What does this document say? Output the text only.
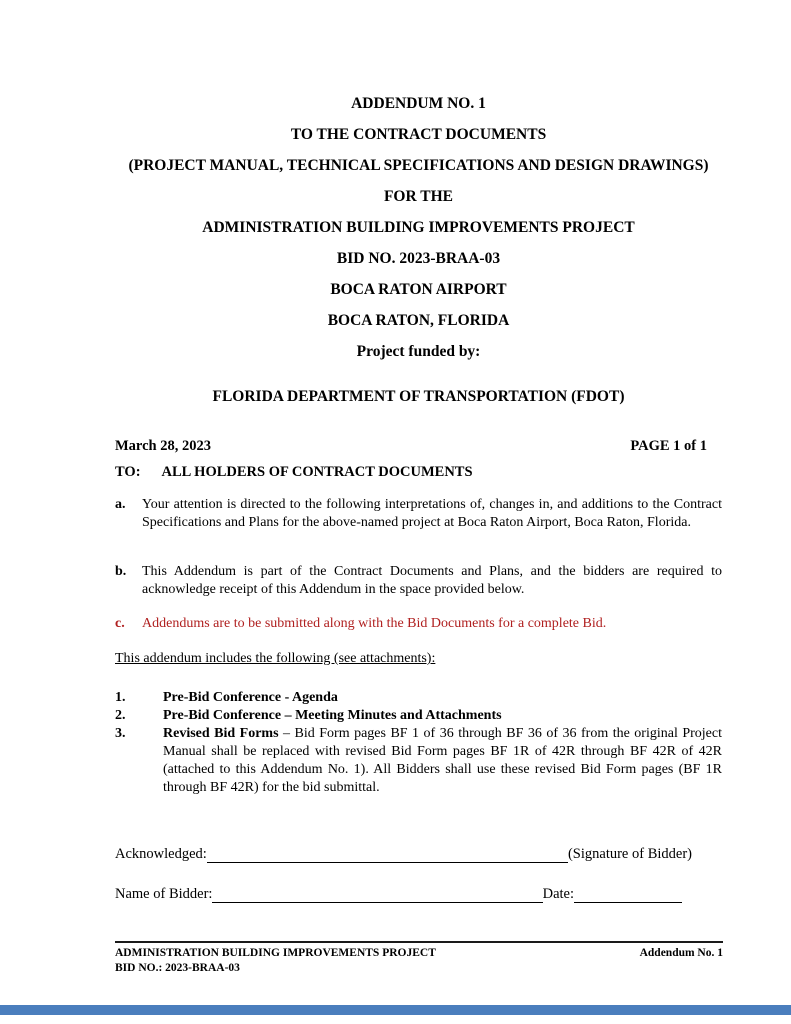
ADDENDUM NO. 1
TO THE CONTRACT DOCUMENTS
(PROJECT MANUAL, TECHNICAL SPECIFICATIONS AND DESIGN DRAWINGS)
FOR THE
ADMINISTRATION BUILDING IMPROVEMENTS PROJECT
BID NO. 2023-BRAA-03
BOCA RATON AIRPORT
BOCA RATON, FLORIDA
Project funded by:
FLORIDA DEPARTMENT OF TRANSPORTATION (FDOT)
March 28, 2023	PAGE 1 of 1
TO: ALL HOLDERS OF CONTRACT DOCUMENTS
a.	Your attention is directed to the following interpretations of, changes in, and additions to the Contract Specifications and Plans for the above-named project at Boca Raton Airport, Boca Raton, Florida.
b.	This Addendum is part of the Contract Documents and Plans, and the bidders are required to acknowledge receipt of this Addendum in the space provided below.
c.	Addendums are to be submitted along with the Bid Documents for a complete Bid.
This addendum includes the following (see attachments):
1.	Pre-Bid Conference - Agenda
2.	Pre-Bid Conference – Meeting Minutes and Attachments
3.	Revised Bid Forms – Bid Form pages BF 1 of 36 through BF 36 of 36 from the original Project Manual shall be replaced with revised Bid Form pages BF 1R of 42R through BF 42R of 42R (attached to this Addendum No. 1). All Bidders shall use these revised Bid Form pages (BF 1R through BF 42R) for the bid submittal.
Acknowledged:	(Signature of Bidder)
Name of Bidder:	Date:
ADMINISTRATION BUILDING IMPROVEMENTS PROJECT
BID NO.: 2023-BRAA-03
Addendum No. 1
